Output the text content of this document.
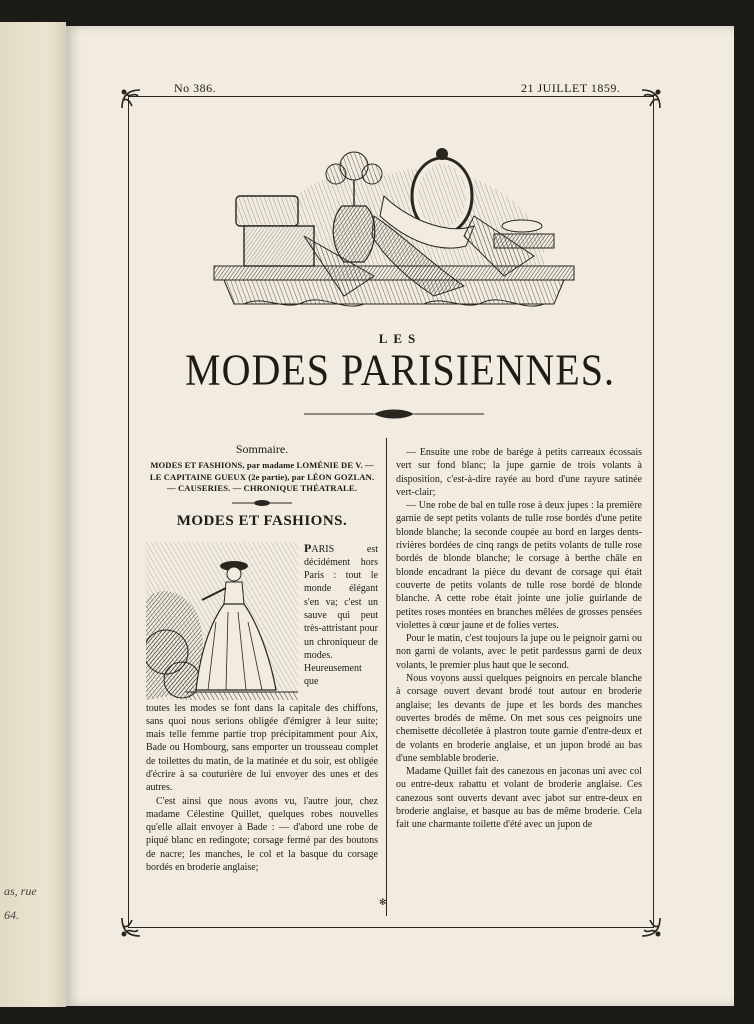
as, rue
64.
No 386.	21 JUILLET 1859.
LES
MODES PARISIENNES.
Sommaire.
MODES ET FASHIONS, par madame LOMÉNIE DE V. — LE CAPITAINE GUEUX (2e partie), par LÉON GOZLAN. — CAUSERIES. — CHRONIQUE THÉATRALE.
MODES ET FASHIONS.

PARIS est décidément hors Paris : tout le monde élégant s'en va; c'est un sauve qui peut très-attristant pour un chroniqueur de modes. Heureusement que

toutes les modes se font dans la capitale des chiffons, sans quoi nous serions obligée d'émigrer à leur suite; mais telle femme partie trop précipitamment pour Aix, Bade ou Hombourg, sans emporter un trousseau complet de toilettes du matin, de la matinée et du soir, est obligée d'écrire à sa couturière de lui envoyer des unes et des autres.

C'est ainsi que nous avons vu, l'autre jour, chez madame Célestine Quillet, quelques robes nouvelles qu'elle allait envoyer à Bade : — d'abord une robe de piqué blanc en redingote; corsage fermé par des boutons de nacre; les manches, le col et la basque du corsage bordés en broderie anglaise;

— Ensuite une robe de barége à petits carreaux écossais vert sur fond blanc; la jupe garnie de trois volants à disposition, c'est-à-dire rayée au bord d'une rayure satinée vert-clair;

— Une robe de bal en tulle rose à deux jupes : la première garnie de sept petits volants de tulle rose bordés d'une petite blonde blanche; la seconde coupée au bord en larges dents-rivières bordées de cinq rangs de petits volants de tulle rose bordés de blonde blanche; le corsage à berthe châle en blonde encadrant la pièce du devant de corsage qui était couverte de petits volants de tulle rose bordé de blonde blanche. A cette robe était jointe une jolie guirlande de petites roses montées en branches mêlées de grosses pensées violettes à cœur jaune et de folies vertes.

Pour le matin, c'est toujours la jupe ou le peignoir garni ou non garni de volants, avec le petit pardessus garni de deux volants, le premier plus haut que le second.

Nous voyons aussi quelques peignoirs en percale blanche à corsage ouvert devant brodé tout autour en broderie anglaise; les devants de jupe et les bords des manches ouvertes brodés de même. On met sous ces peignoirs une chemisette décolletée à plastron toute garnie d'entre-deux et de volants en broderie anglaise, et un jupon brodé au bas d'une semblable broderie.

Madame Quillet fait des canezous en jaconas uni avec col ou entre-deux rabattu et volant de broderie anglaise. Ces canezous sont ouverts devant avec jabot sur entre-deux en broderie anglaise, et basque au bas de même broderie. Cela fait une charmante toilette d'été avec un jupon de

✻
